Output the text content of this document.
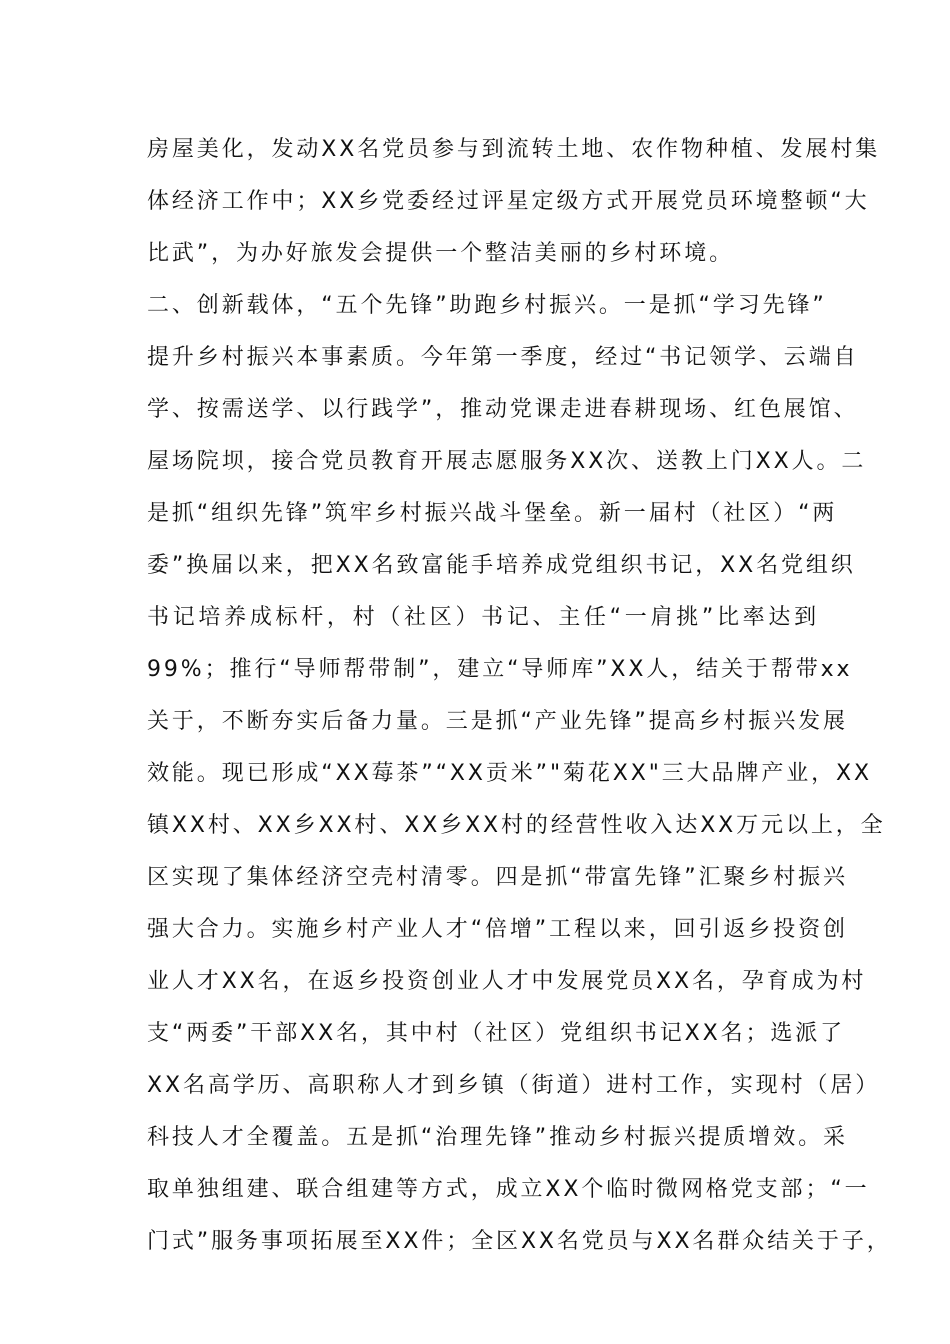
房屋美化，发动XX名党员参与到流转土地、农作物种植、发展村集
体经济工作中；XX乡党委经过评星定级方式开展党员环境整顿“大
比武”，为办好旅发会提供一个整洁美丽的乡村环境。
二、创新载体，“五个先锋”助跑乡村振兴。一是抓“学习先锋”
提升乡村振兴本事素质。今年第一季度，经过“书记领学、云端自
学、按需送学、以行践学”，推动党课走进春耕现场、红色展馆、
屋场院坝，接合党员教育开展志愿服务XX次、送教上门XX人。二
是抓“组织先锋”筑牢乡村振兴战斗堡垒。新一届村（社区）“两
委”换届以来，把XX名致富能手培养成党组织书记，XX名党组织
书记培养成标杆，村（社区）书记、主任“一肩挑”比率达到
99%；推行“导师帮带制”，建立“导师库”XX人，结关于帮带xx
关于，不断夯实后备力量。三是抓“产业先锋”提高乡村振兴发展
效能。现已形成“XX莓茶”“XX贡米”"菊花XX"三大品牌产业，XX
镇XX村、XX乡XX村、XX乡XX村的经营性收入达XX万元以上，全
区实现了集体经济空壳村清零。四是抓“带富先锋”汇聚乡村振兴
强大合力。实施乡村产业人才“倍增”工程以来，回引返乡投资创
业人才XX名，在返乡投资创业人才中发展党员XX名，孕育成为村
支“两委”干部XX名，其中村（社区）党组织书记XX名；选派了
XX名高学历、高职称人才到乡镇（街道）进村工作，实现村（居）
科技人才全覆盖。五是抓“治理先锋”推动乡村振兴提质增效。采
取单独组建、联合组建等方式，成立XX个临时微网格党支部；“一
门式”服务事项拓展至XX件；全区XX名党员与XX名群众结关于子，
